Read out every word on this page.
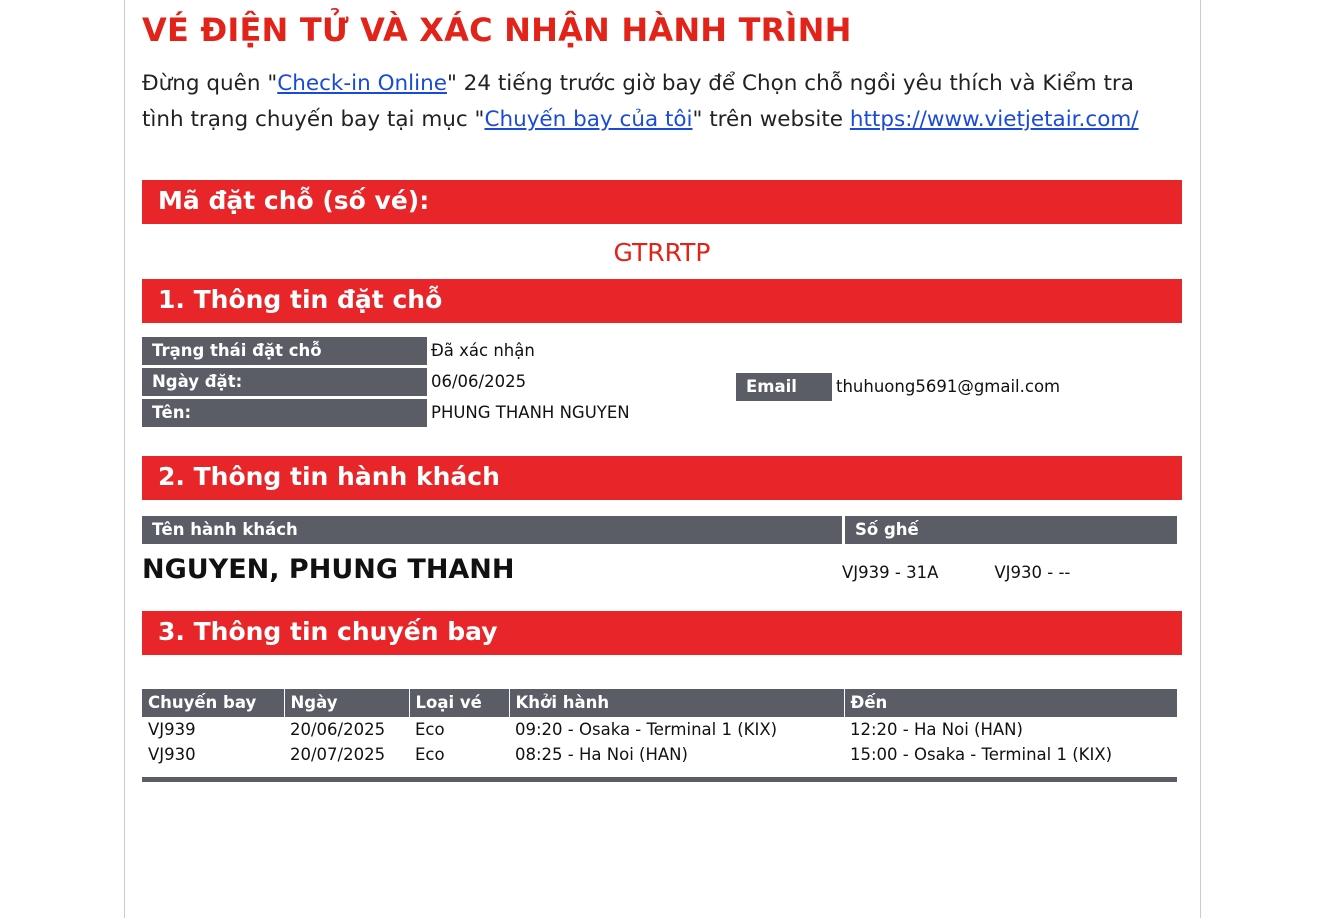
VÉ ĐIỆN TỬ VÀ XÁC NHẬN HÀNH TRÌNH

Đừng quên "Check-in Online" 24 tiếng trước giờ bay để Chọn chỗ ngồi yêu thích và Kiểm tra tình trạng chuyến bay tại mục "Chuyến bay của tôi" trên website https://www.vietjetair.com/

Mã đặt chỗ (số vé):
GTRRTP
1. Thông tin đặt chỗ
Trạng thái đặt chỗ	Đã xác nhận
Ngày đặt:	06/06/2025
Tên:	PHUNG THANH NGUYEN
Email	thuhuong5691@gmail.com
2. Thông tin hành khách
Tên hành khách	Số ghế
NGUYEN, PHUNG THANH	VJ939 - 31A	VJ930 - --
3. Thông tin chuyến bay
Chuyến bay	Ngày	Loại vé	Khởi hành	Đến
VJ939	20/06/2025	Eco	09:20 - Osaka - Terminal 1 (KIX)	12:20 - Ha Noi (HAN)
VJ930	20/07/2025	Eco	08:25 - Ha Noi (HAN)	15:00 - Osaka - Terminal 1 (KIX)
